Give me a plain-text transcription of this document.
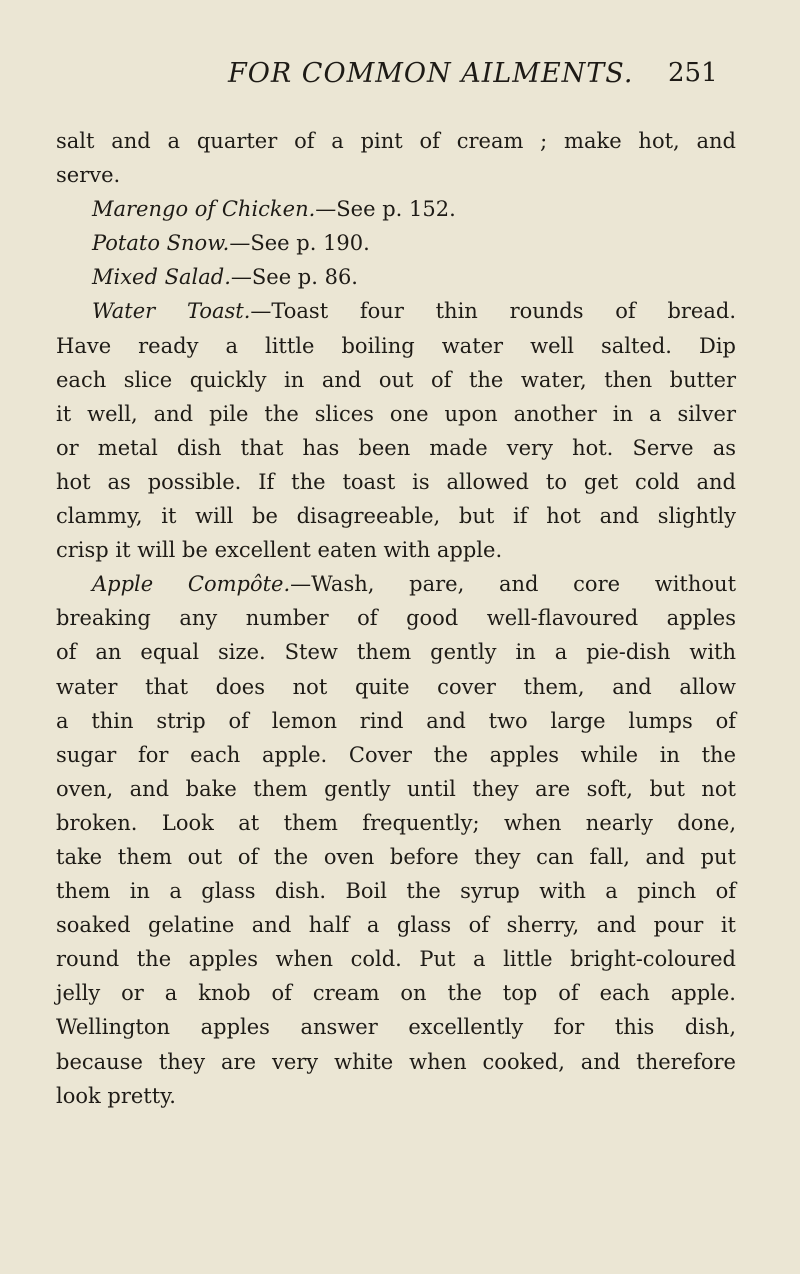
FOR COMMON AILMENTS. 251
salt and a quarter of a pint of cream ; make hot, and
serve.
Marengo of Chicken.—See p. 152.
Potato Snow.—See p. 190.
Mixed Salad.—See p. 86.
Water Toast.—Toast four thin rounds of bread.
Have ready a little boiling water well salted. Dip
each slice quickly in and out of the water, then butter
it well, and pile the slices one upon another in a silver
or metal dish that has been made very hot. Serve as
hot as possible. If the toast is allowed to get cold and
clammy, it will be disagreeable, but if hot and slightly
crisp it will be excellent eaten with apple.
Apple Compôte.—Wash, pare, and core without
breaking any number of good well-flavoured apples
of an equal size. Stew them gently in a pie-dish with
water that does not quite cover them, and allow
a thin strip of lemon rind and two large lumps of
sugar for each apple. Cover the apples while in the
oven, and bake them gently until they are soft, but not
broken. Look at them frequently; when nearly done,
take them out of the oven before they can fall, and put
them in a glass dish. Boil the syrup with a pinch of
soaked gelatine and half a glass of sherry, and pour it
round the apples when cold. Put a little bright-coloured
jelly or a knob of cream on the top of each apple.
Wellington apples answer excellently for this dish,
because they are very white when cooked, and therefore
look pretty.
